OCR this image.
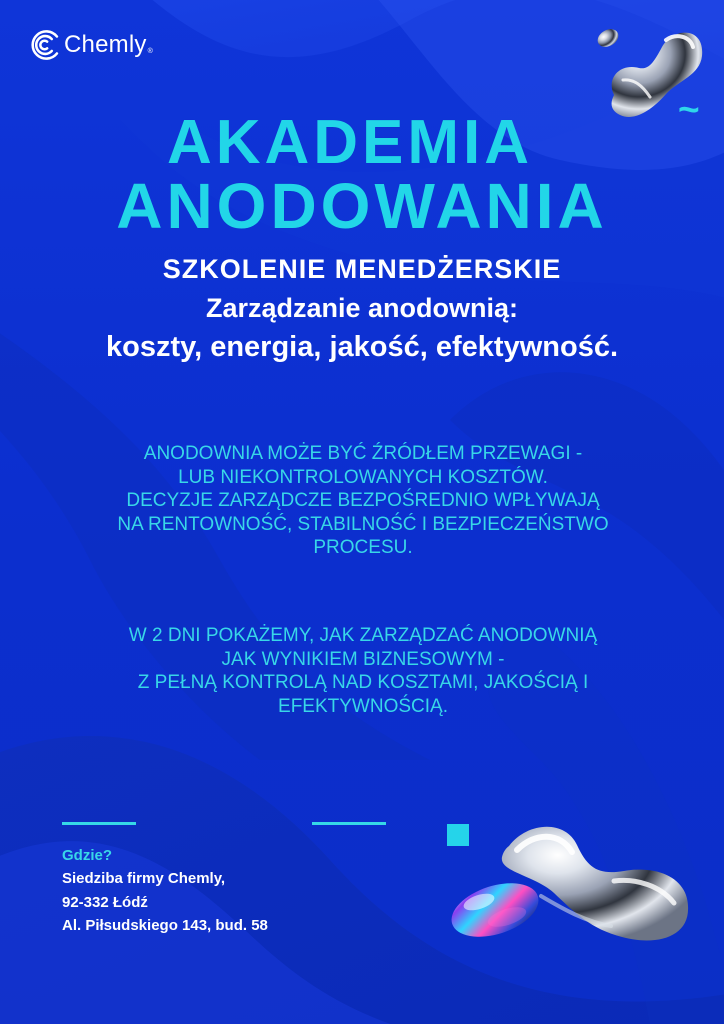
Chemly ®
~
AKADEMIA
ANODOWANIA
SZKOLENIE MENEDŻERSKIE
Zarządzanie anodownią:
koszty, energia, jakość, efektywność.

ANODOWNIA MOŻE BYĆ ŹRÓDŁEM PRZEWAGI -

LUB NIEKONTROLOWANYCH KOSZTÓW.

DECYZJE ZARZĄDCZE BEZPOŚREDNIO WPŁYWAJĄ

NA RENTOWNOŚĆ, STABILNOŚĆ I BEZPIECZEŃSTWO

PROCESU.

W 2 DNI POKAŻEMY, JAK ZARZĄDZAĆ ANODOWNIĄ

JAK WYNIKIEM BIZNESOWYM -

Z PEŁNĄ KONTROLĄ NAD KOSZTAMI, JAKOŚCIĄ I

EFEKTYWNOŚCIĄ.

Gdzie?
Siedziba firmy Chemly,
92-332 Łódź
Al. Piłsudskiego 143, bud. 58
